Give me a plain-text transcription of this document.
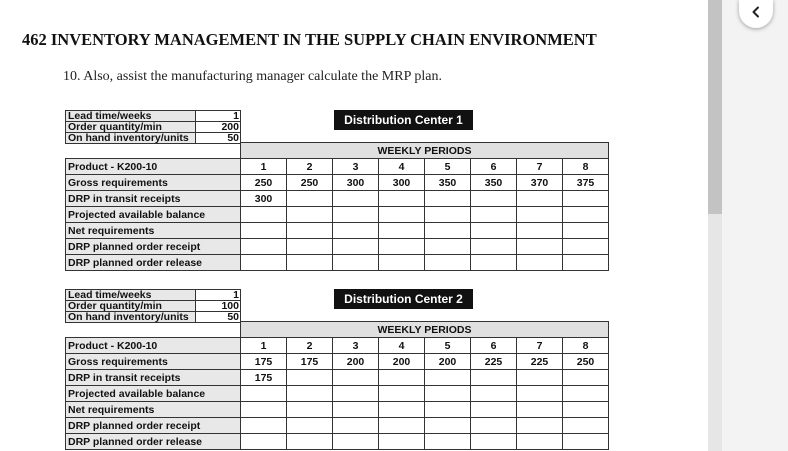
462 INVENTORY MANAGEMENT IN THE SUPPLY CHAIN ENVIRONMENT
10. Also, assist the manufacturing manager calculate the MRP plan.
Lead time/weeks	1
Order quantity/min	200
On hand inventory/units	50
Distribution Center 1
	WEEKLY PERIODS							
Product - K200-10	1	2	3	4	5	6	7	8
Gross requirements	250	250	300	300	350	350	370	375
DRP in transit receipts	300							
Projected available balance								
Net requirements								
DRP planned order receipt								
DRP planned order release								
Lead time/weeks	1
Order quantity/min	100
On hand inventory/units	50
Distribution Center 2
	WEEKLY PERIODS							
Product - K200-10	1	2	3	4	5	6	7	8
Gross requirements	175	175	200	200	200	225	225	250
DRP in transit receipts	175							
Projected available balance								
Net requirements								
DRP planned order receipt								
DRP planned order release								
